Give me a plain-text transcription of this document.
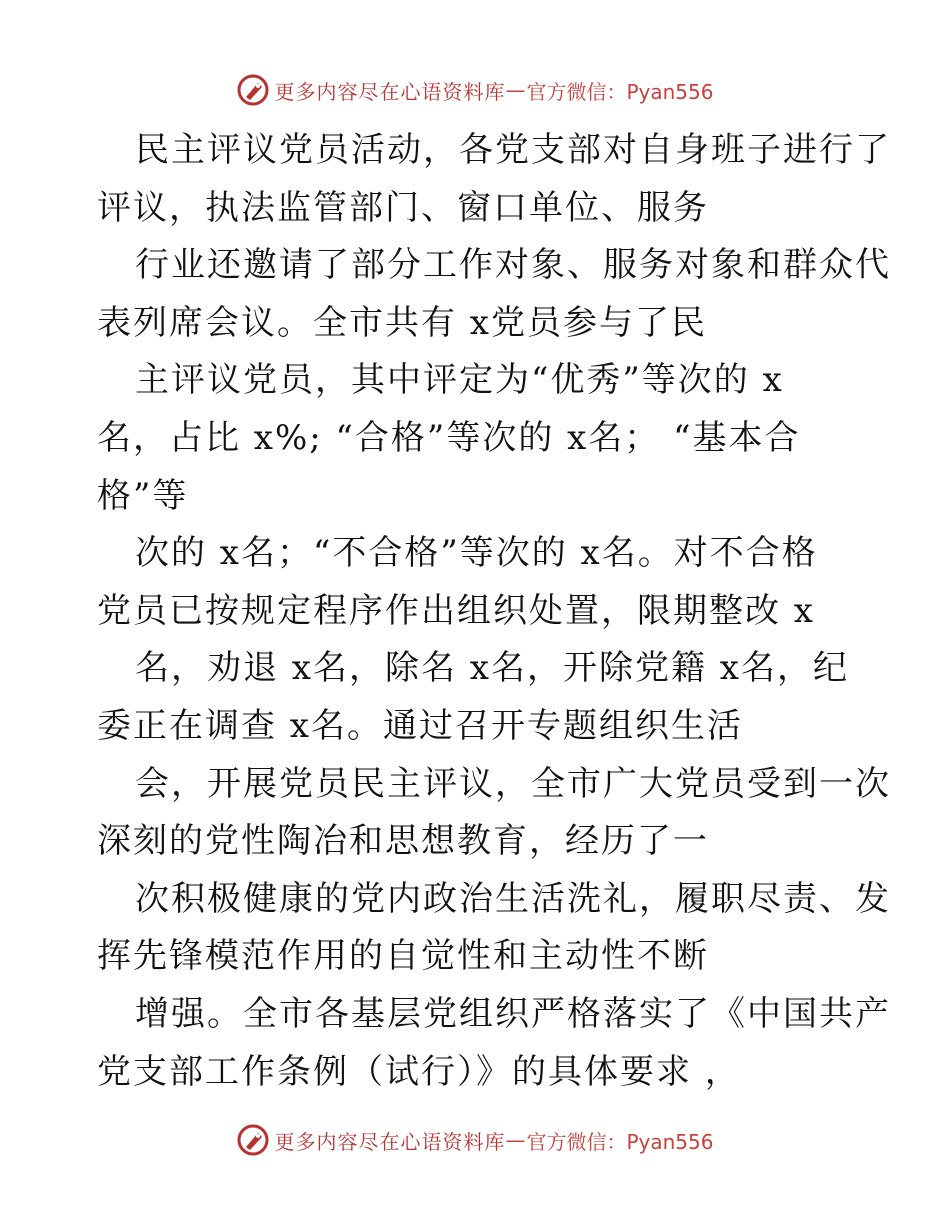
更多内容尽在心语资料库 — 官方微信：Pyan556
民主评议党员活动，各党支部对自身班子进行了
评议，执法监管部门、窗口单位、服务
行业还邀请了部分工作对象、服务对象和群众代
表列席会议。全市共有 x党员参与了民
主评议党员，其中评定为“优秀”等次的 x
名，占比 x%; “合格”等次的 x名； “基本合
格”等
次的 x名；“不合格”等次的 x名。对不合格
党员已按规定程序作出组织处置，限期整改 x
名，劝退 x名，除名 x名，开除党籍 x名，纪
委正在调查 x名。通过召开专题组织生活
会，开展党员民主评议，全市广大党员受到一次
深刻的党性陶冶和思想教育，经历了一
次积极健康的党内政治生活洗礼，履职尽责、发
挥先锋模范作用的自觉性和主动性不断
增强。全市各基层党组织严格落实了《中国共产
党支部工作条例（试行）》的具体要求 ，
更多内容尽在心语资料库 — 官方微信：Pyan556
